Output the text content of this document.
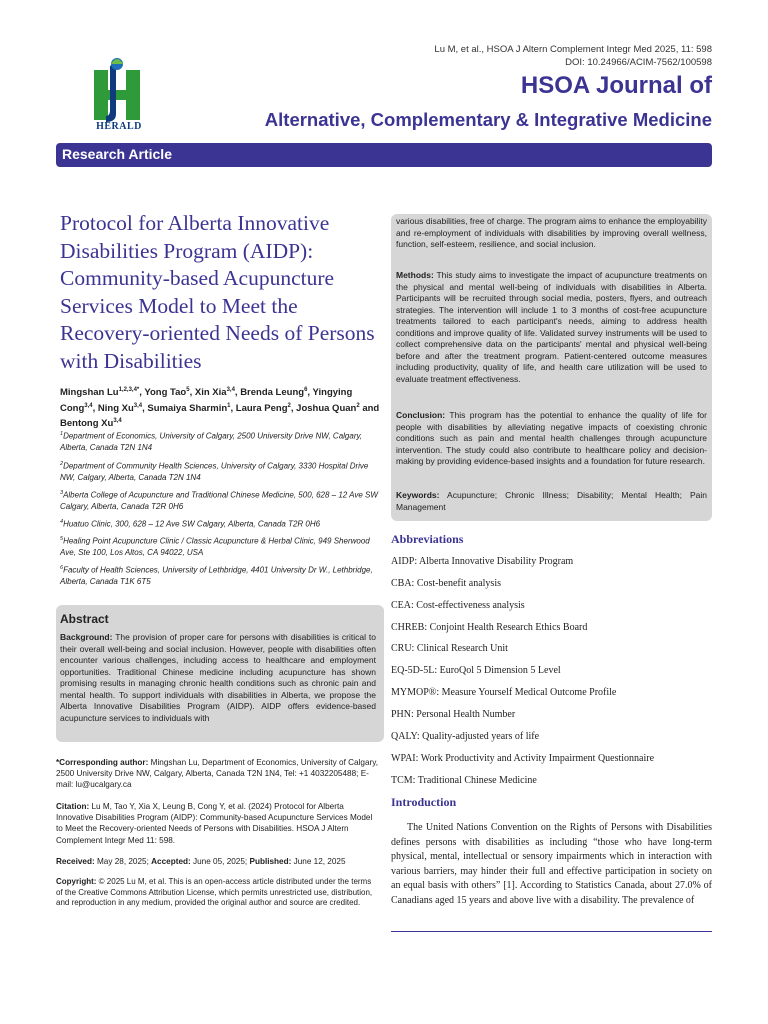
Lu M, et al., HSOA J Altern Complement Integr Med 2025, 11: 598
DOI: 10.24966/ACIM-7562/100598
HERALD
HSOA Journal of
Alternative, Complementary & Integrative Medicine
Research Article
Protocol for Alberta Innovative Disabilities Program (AIDP): Community-based Acupuncture Services Model to Meet the Recovery-oriented Needs of Persons with Disabilities
Mingshan $Lu^{1,2,3,4*}$, Yong Tao$^5$, Xin Xia$^{3,4}$, Brenda Leung$^6$, Yingying Cong$^{3,4}$, Ning Xu$^{3,4}$, Sumaiya Sharmin$^1$, Laura Peng$^2$, Joshua Quan$^2$ and Bentong Xu$^{3,4}$
$^1$Department of Economics, University of Calgary, 2500 University Drive NW, Calgary, Alberta, Canada T2N 1N4
$^2$Department of Community Health Sciences, University of Calgary, 3330 Hospital Drive NW, Calgary, Alberta, Canada T2N 1N4
$^3$Alberta College of Acupuncture and Traditional Chinese Medicine, 500, 628 – 12 Ave SW Calgary, Alberta, Canada T2R 0H6
$^4$Huatuo Clinic, 300, 628 – 12 Ave SW Calgary, Alberta, Canada T2R 0H6
$^5$Healing Point Acupuncture Clinic / Classic Acupuncture & Herbal Clinic, 949 Sherwood Ave, Ste 100, Los Altos, CA 94022, USA
$^6$Faculty of Health Sciences, University of Lethbridge, 4401 University Dr W., Lethbridge, Alberta, Canada T1K 6T5
Abstract
Background: The provision of proper care for persons with disabilities is critical to their overall well-being and social inclusion. However, people with disabilities often encounter various challenges, including access to healthcare and employment opportunities. Traditional Chinese medicine including acupuncture has shown promising results in managing chronic health conditions such as chronic pain and mental health. To support individuals with disabilities in Alberta, we propose the Alberta Innovative Disabilities Program (AIDP). AIDP offers evidence-based acupuncture services to individuals with
*Corresponding author: Mingshan Lu, Department of Economics, University of Calgary, 2500 University Drive NW, Calgary, Alberta, Canada T2N 1N4, Tel: +1 4032205488; E-mail: lu@ucalgary.ca
Citation: Lu M, Tao Y, Xia X, Leung B, Cong Y, et al. (2024) Protocol for Alberta Innovative Disabilities Program (AIDP): Community-based Acupuncture Services Model to Meet the Recovery-oriented Needs of Persons with Disabilities. HSOA J Altern Complement Integr Med 11: 598.
Received: May 28, 2025; Accepted: June 05, 2025; Published: June 12, 2025
Copyright: © 2025 Lu M, et al. This is an open-access article distributed under the terms of the Creative Commons Attribution License, which permits unrestricted use, distribution, and reproduction in any medium, provided the original author and source are credited.
various disabilities, free of charge. The program aims to enhance the employability and re-employment of individuals with disabilities by improving overall wellness, function, self-esteem, resilience, and social inclusion.
Methods: This study aims to investigate the impact of acupuncture treatments on the physical and mental well-being of individuals with disabilities in Alberta. Participants will be recruited through social media, posters, flyers, and outreach strategies. The intervention will include 1 to 3 months of cost-free acupuncture treatments tailored to each participant's needs, aiming to address health conditions and improve quality of life. Validated survey instruments will be used to collect comprehensive data on the participants' mental and physical well-being before and after the treatment program. Patient-centered outcome measures including productivity, quality of life, and health care utilization will be used to evaluate treatment effectiveness.
Conclusion: This program has the potential to enhance the quality of life for people with disabilities by alleviating negative impacts of coexisting chronic conditions such as pain and mental health challenges through acupuncture intervention. The study could also contribute to healthcare policy and decision-making by providing evidence-based insights and a foundation for future research.
Keywords: Acupuncture; Chronic Illness; Disability; Mental Health; Pain Management
Abbreviations
AIDP: Alberta Innovative Disability Program
CBA: Cost-benefit analysis
CEA: Cost-effectiveness analysis
CHREB: Conjoint Health Research Ethics Board
CRU: Clinical Research Unit
EQ-5D-5L: EuroQol 5 Dimension 5 Level
MYMOP®: Measure Yourself Medical Outcome Profile
PHN: Personal Health Number
QALY: Quality-adjusted years of life
WPAI: Work Productivity and Activity Impairment Questionnaire
TCM: Traditional Chinese Medicine
Introduction
The United Nations Convention on the Rights of Persons with Disabilities defines persons with disabilities as including “those who have long-term physical, mental, intellectual or sensory impairments which in interaction with various barriers, may hinder their full and effective participation in society on an equal basis with others” [1]. According to Statistics Canada, about 27.0% of Canadians aged 15 years and above live with a disability. The prevalence of
